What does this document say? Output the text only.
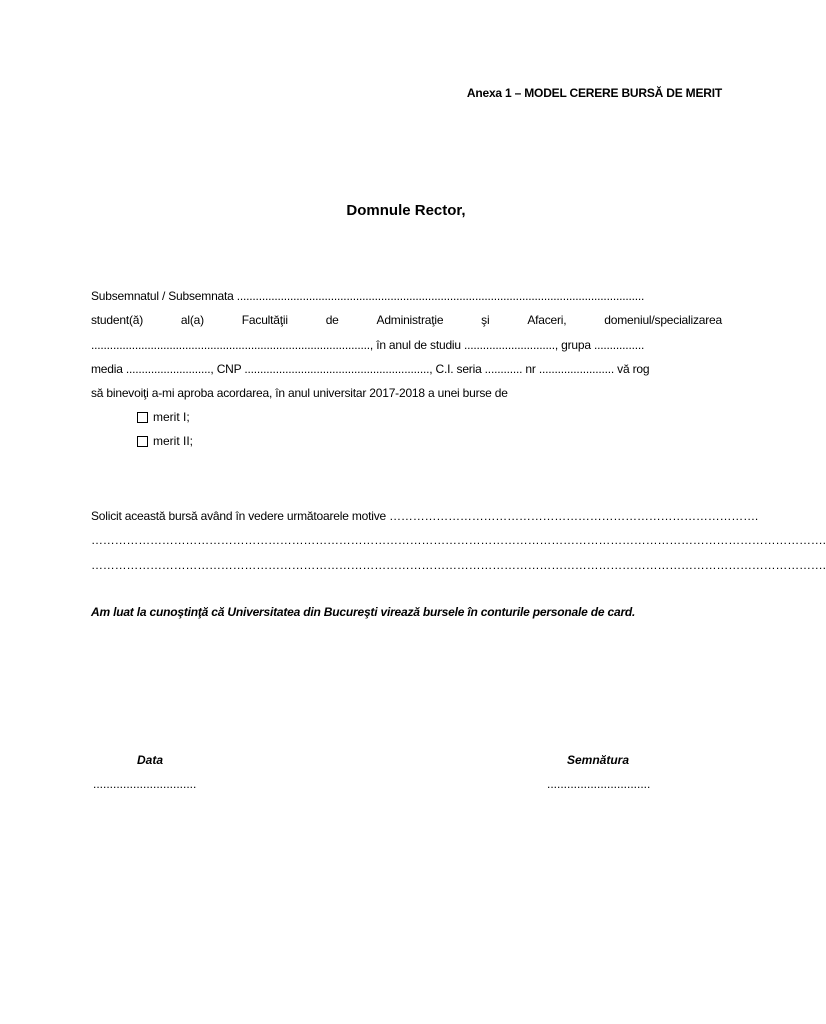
Anexa 1 – MODEL CERERE BURSĂ DE MERIT
Domnule Rector,
Subsemnatul / Subsemnata ..................................................................................................................................
student(ă)	al(a)	Facultăţii	de	Administraţie	şi	Afaceri,	domeniul/specializarea
........................................................................................., în anul de studiu ............................., grupa ................
media ..........................., CNP ..........................................................., C.I. seria ............ nr ........................ vă rog
să binevoiţi a-mi aproba acordarea, în anul universitar 2017-2018 a unei burse de
merit I;
merit II;
Solicit această bursă având în vedere următoarele motive ………………………………………………………………………………….
…………………………………………………………………………………………………………………………………………………………………….
…………………………………………………………………………………………………………………………………………………………………….
Am luat la cunoştinţă că Universitatea din Bucureşti virează bursele în conturile personale de card.
Data
...............................
Semnătura
...............................
